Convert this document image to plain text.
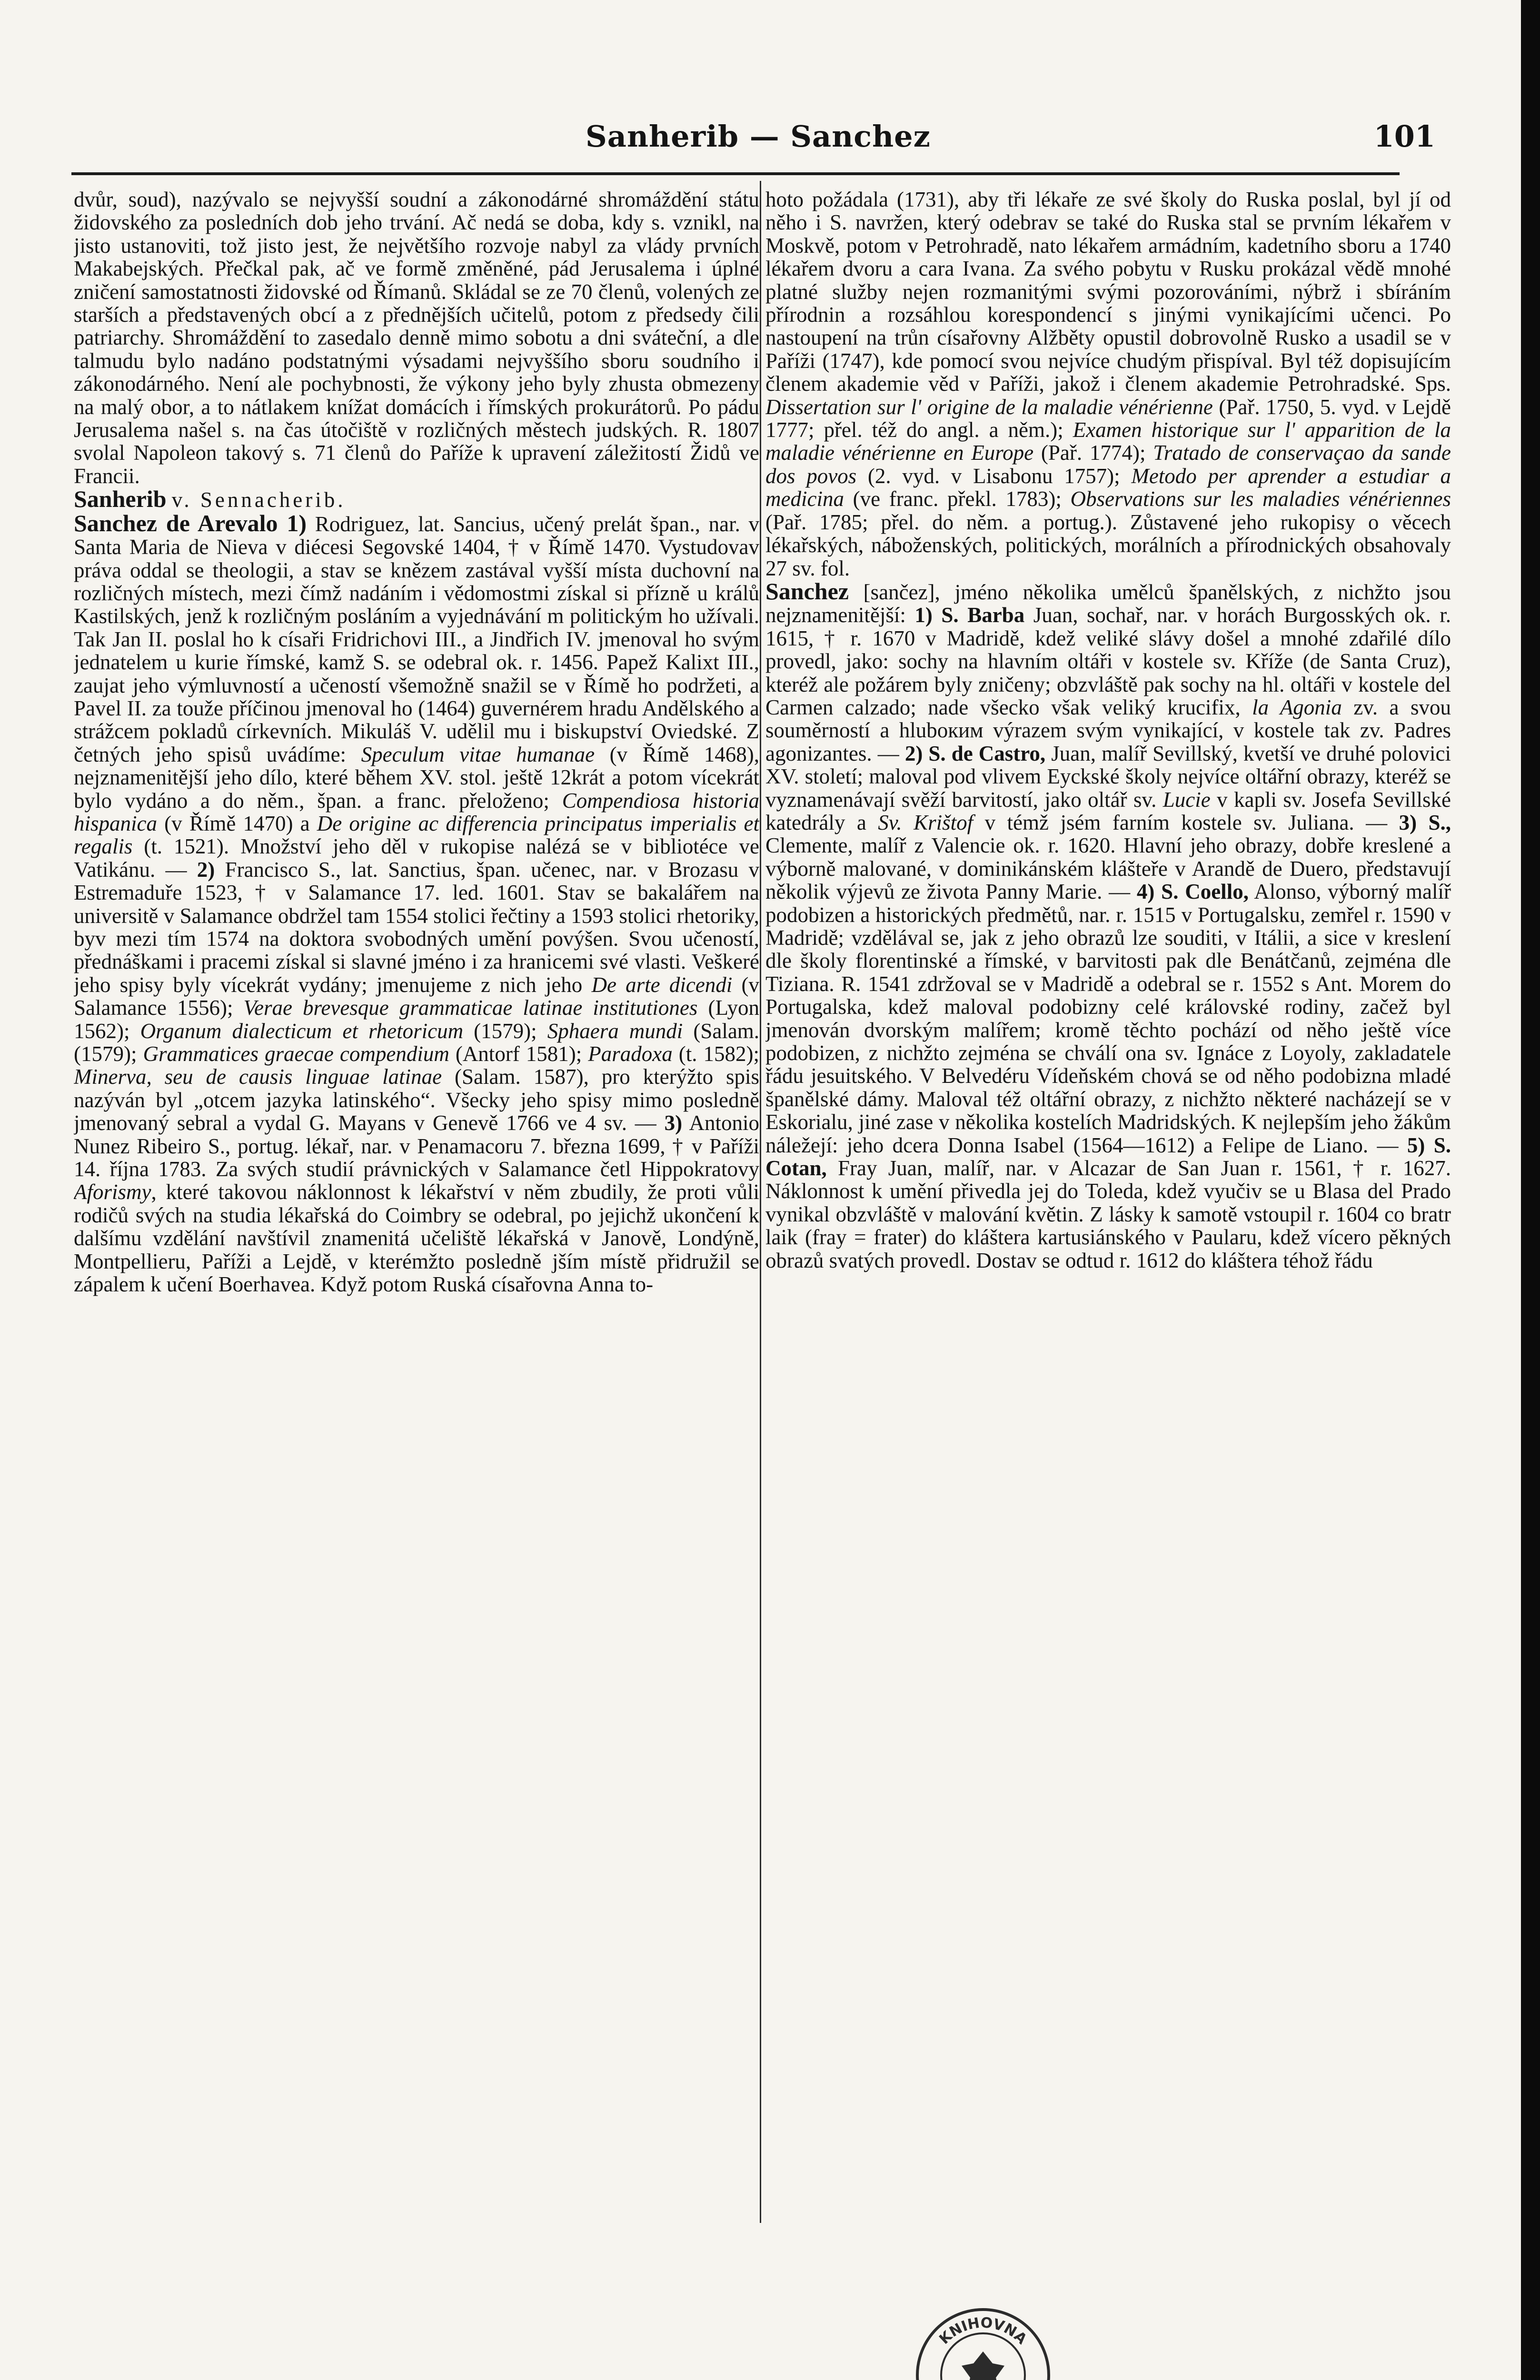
Sanherib — Sanchez	101

dvůr, soud), nazývalo se nejvyšší soudní a zákonodárné shromáždění státu židovského za posledních dob jeho trvání. Ač nedá se doba, kdy s. vznikl, na jisto ustanoviti, tož jisto jest, že největšího rozvoje nabyl za vlády prvních Makabejských. Přečkal pak, ač ve formě změněné, pád Jerusalema i úplné zničení samostatnosti židovské od Římanů. Skládal se ze 70 členů, volených ze starších a představených obcí a z přednějších učitelů, potom z předsedy čili patriarchy. Shromáždění to zasedalo denně mimo sobotu a dni sváteční, a dle talmudu bylo nadáno podstatnými výsadami nejvyššího sboru soudního i zákonodárného. Není ale pochybnosti, že výkony jeho byly zhusta obmezeny na malý obor, a to nátlakem knížat domácích i římských prokurátorů. Po pádu Jerusalema našel s. na čas útočiště v rozličných městech judských. R. 1807 svolal Napoleon takový s. 71 členů do Paříže k upravení záležitostí Židů ve Francii.

Sanherib v. Sennacherib.

Sanchez de Arevalo 1) Rodriguez, lat. Sancius, učený prelát špan., nar. v Santa Maria de Nieva v diécesi Segovské 1404, † v Římě 1470. Vystudovav práva oddal se theologii, a stav se knězem zastával vyšší místa duchovní na rozličných místech, mezi čímž nadáním i vědomostmi získal si přízně u králů Kastilských, jenž k rozličným posláním a vyjednávání m politickým ho užívali. Tak Jan II. poslal ho k císaři Fridrichovi III., a Jindřich IV. jmenoval ho svým jednatelem u kurie římské, kamž S. se odebral ok. r. 1456. Papež Kalixt III., zaujat jeho výmluvností a učeností všemožně snažil se v Římě ho podržeti, a Pavel II. za touže příčinou jmenoval ho (1464) guvernérem hradu Andělského a strážcem pokladů církevních. Mikuláš V. udělil mu i biskupství Oviedské. Z četných jeho spisů uvádíme: Speculum vitae humanae (v Římě 1468), nejznamenitější jeho dílo, které během XV. stol. ještě 12krát a potom vícekrát bylo vydáno a do něm., špan. a franc. přeloženo; Compendiosa historia hispanica (v Římě 1470) a De origine ac differencia principatus imperialis et regalis (t. 1521). Množství jeho děl v rukopise nalézá se v bibliotéce ve Vatikánu. — 2) Francisco S., lat. Sanctius, špan. učenec, nar. v Brozasu v Estremaduře 1523, † v Salamance 17. led. 1601. Stav se bakalářem na universitě v Salamance obdržel tam 1554 stolici řečtiny a 1593 stolici rhetoriky, byv mezi tím 1574 na doktora svobodných umění povýšen. Svou učeností, přednáškami i pracemi získal si slavné jméno i za hranicemi své vlasti. Veškeré jeho spisy byly vícekrát vydány; jmenujeme z nich jeho De arte dicendi (v Salamance 1556); Verae brevesque grammaticae latinae institutiones (Lyon 1562); Organum dialecticum et rhetoricum (1579); Sphaera mundi (Salam. (1579); Grammatices graecae compendium (Antorf 1581); Paradoxa (t. 1582); Minerva, seu de causis linguae latinae (Salam. 1587), pro kterýžto spis nazýván byl „otcem jazyka latinského“. Všecky jeho spisy mimo posledně jmenovaný sebral a vydal G. Mayans v Genevě 1766 ve 4 sv. — 3) Antonio Nunez Ribeiro S., portug. lékař, nar. v Penamacoru 7. března 1699, † v Paříži 14. října 1783. Za svých studií právnických v Salamance četl Hippokratovy Aforismy, které takovou náklonnost k lékařství v něm zbudily, že proti vůli rodičů svých na studia lékařská do Coimbry se odebral, po jejichž ukončení k dalšímu vzdělání navštívil znamenitá učeliště lékařská v Janově, Londýně, Montpellieru, Paříži a Lejdě, v kterémžto posledně jším místě přidružil se zápalem k učení Boerhavea. Když potom Ruská císařovna Anna to-

hoto požádala (1731), aby tři lékaře ze své školy do Ruska poslal, byl jí od něho i S. navržen, který odebrav se také do Ruska stal se prvním lékařem v Moskvě, potom v Petrohradě, nato lékařem armádním, kadetního sboru a 1740 lékařem dvoru a cara Ivana. Za svého pobytu v Rusku prokázal vědě mnohé platné služby nejen rozmanitými svými pozorováními, nýbrž i sbíráním přírodnin a rozsáhlou korespondencí s jinými vynikajícími učenci. Po nastoupení na trůn císařovny Alžběty opustil dobrovolně Rusko a usadil se v Paříži (1747), kde pomocí svou nejvíce chudým přispíval. Byl též dopisujícím členem akademie věd v Paříži, jakož i členem akademie Petrohradské. Sps. Dissertation sur l' origine de la maladie vénérienne (Pař. 1750, 5. vyd. v Lejdě 1777; přel. též do angl. a něm.); Examen historique sur l' apparition de la maladie vénérienne en Europe (Pař. 1774); Tratado de conservaçao da sande dos povos (2. vyd. v Lisabonu 1757); Metodo per aprender a estudiar a medicina (ve franc. překl. 1783); Observations sur les maladies vénériennes (Pař. 1785; přel. do něm. a portug.). Zůstavené jeho rukopisy o věcech lékařských, náboženských, politických, morálních a přírodnických obsahovaly 27 sv. fol.

Sanchez [sančez], jméno několika umělců španělských, z nichžto jsou nejznamenitější: 1) S. Barba Juan, sochař, nar. v horách Burgosských ok. r. 1615, † r. 1670 v Madridě, kdež veliké slávy došel a mnohé zdařilé dílo provedl, jako: sochy na hlavním oltáři v kostele sv. Kříže (de Santa Cruz), kteréž ale požárem byly zničeny; obzvláště pak sochy na hl. oltáři v kostele del Carmen calzado; nade všecko však veliký krucifix, la Agonia zv. a svou souměrností a hluboким výrazem svým vynikající, v kostele tak zv. Padres agonizantes. — 2) S. de Castro, Juan, malíř Sevillský, kvetší ve druhé polovici XV. století; maloval pod vlivem Eyckské školy nejvíce oltářní obrazy, kteréž se vyznamenávají svěží barvitostí, jako oltář sv. Lucie v kapli sv. Josefa Sevillské katedrály a Sv. Krištof v témž jsém farním kostele sv. Juliana. — 3) S., Clemente, malíř z Valencie ok. r. 1620. Hlavní jeho obrazy, dobře kreslené a výborně malované, v dominikánském klášteře v Arandě de Duero, představují několik výjevů ze života Panny Marie. — 4) S. Coello, Alonso, výborný malíř podobizen a historických předmětů, nar. r. 1515 v Portugalsku, zemřel r. 1590 v Madridě; vzdělával se, jak z jeho obrazů lze souditi, v Itálii, a sice v kreslení dle školy florentinské a římské, v barvitosti pak dle Benátčanů, zejména dle Tiziana. R. 1541 zdržoval se v Madridě a odebral se r. 1552 s Ant. Morem do Portugalska, kdež maloval podobizny celé královské rodiny, začež byl jmenován dvorským malířem; kromě těchto pochází od něho ještě více podobizen, z nichžto zejména se chválí ona sv. Ignáce z Loyoly, zakladatele řádu jesuitského. V Belvedéru Vídeňském chová se od něho podobizna mladé španělské dámy. Maloval též oltářní obrazy, z nichžto některé nacházejí se v Eskorialu, jiné zase v několika kostelích Madridských. K nejlepším jeho žákům náležejí: jeho dcera Donna Isabel (1564—1612) a Felipe de Liano. — 5) S. Cotan, Fray Juan, malíř, nar. v Alcazar de San Juan r. 1561, † r. 1627. Náklonnost k umění přivedla jej do Toleda, kdež vyučiv se u Blasa del Prado vynikal obzvláště v malování květin. Z lásky k samotě vstoupil r. 1604 co bratr laik (fray = frater) do kláštera kartusiánského v Paularu, kdež vícero pěkných obrazů svatých provedl. Dostav se odtud r. 1612 do kláštera téhož řádu

KNIHOVNA
